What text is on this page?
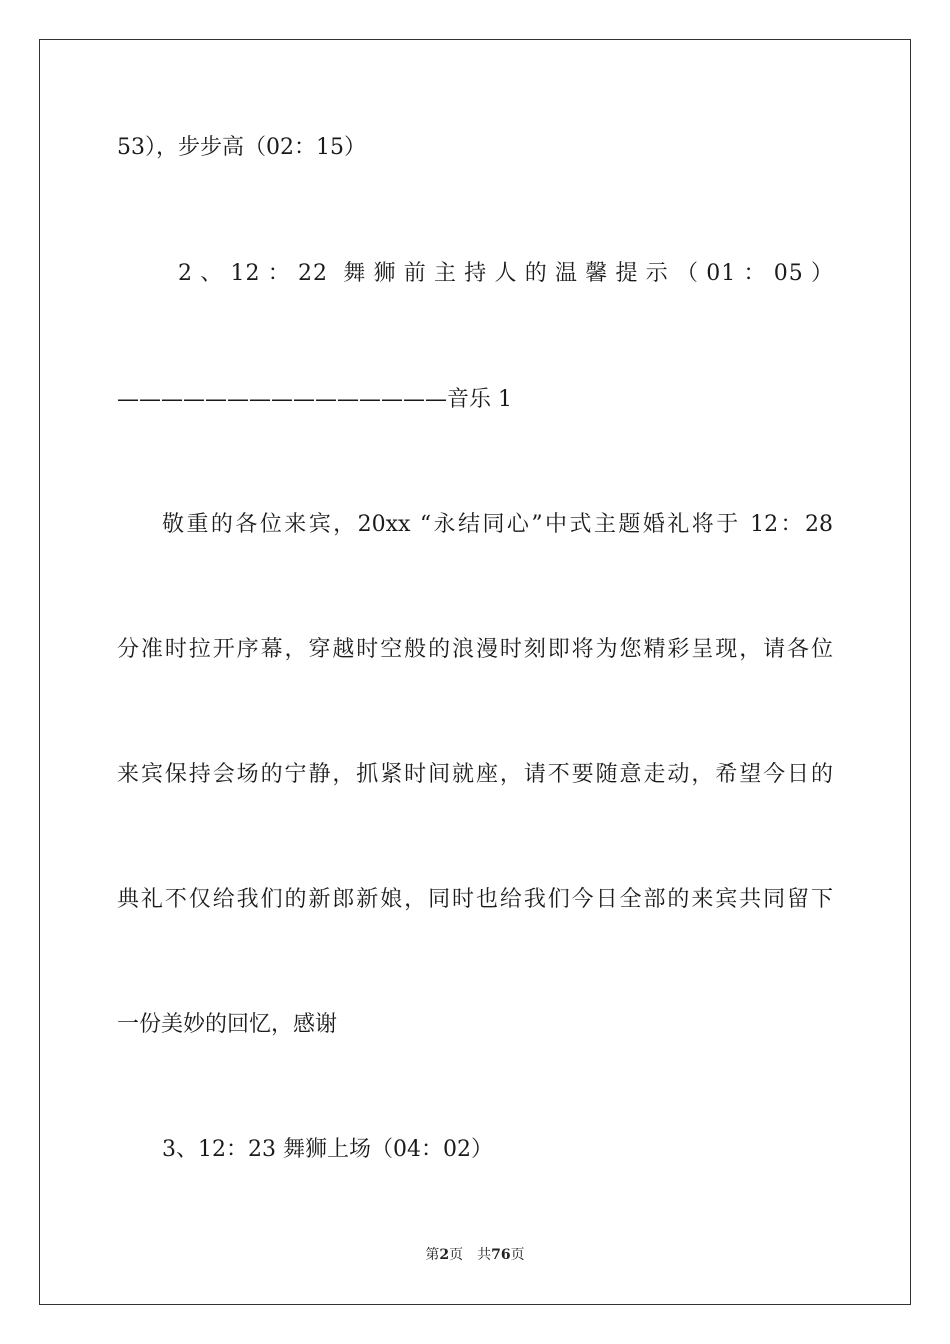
53），步步高（02：15）
2、12：22 舞狮前主持人的温馨提示（01：05）
———————————————音乐 1
敬重的各位来宾，20xx “永结同心”中式主题婚礼将于 12：28
分准时拉开序幕，穿越时空般的浪漫时刻即将为您精彩呈现，请各位
来宾保持会场的宁静，抓紧时间就座，请不要随意走动，希望今日的
典礼不仅给我们的新郎新娘，同时也给我们今日全部的来宾共同留下
一份美妙的回忆，感谢
3、12：23 舞狮上场（04：02）
第2页 共76页
